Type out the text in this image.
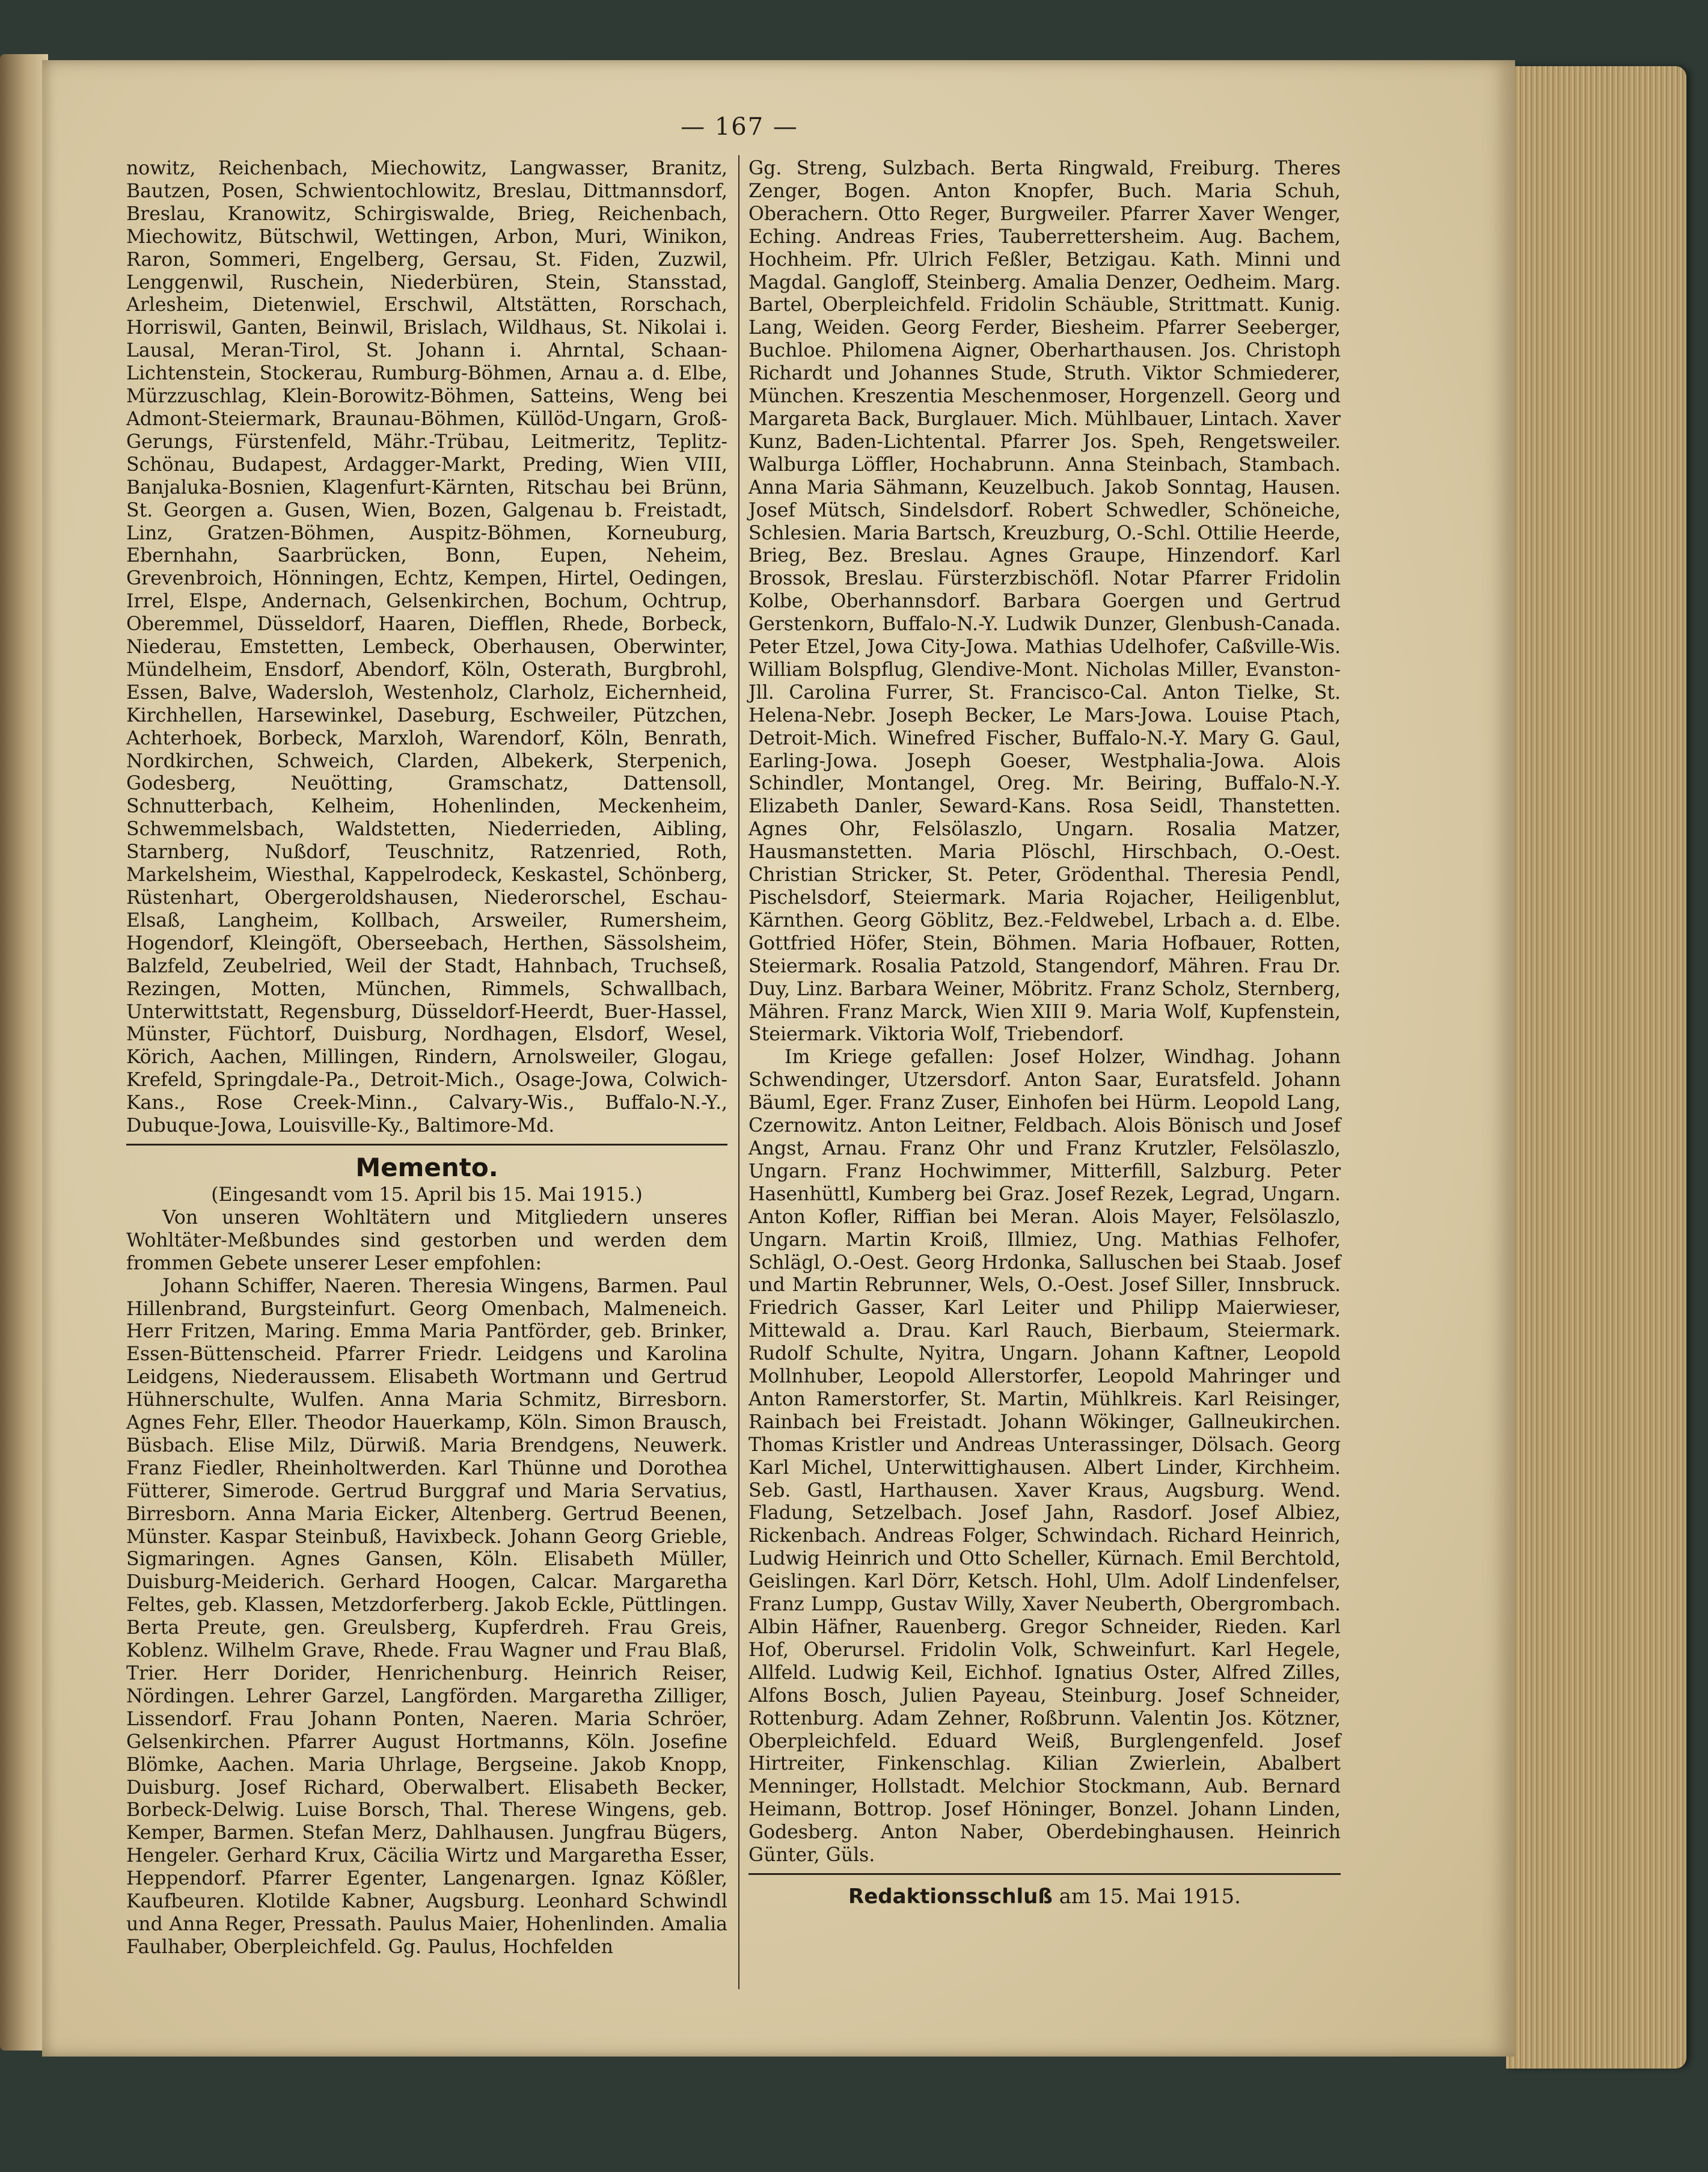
— 167 —

nowitz, Reichenbach, Miechowitz, Langwasser, Branitz, Bautzen, Posen, Schwientochlowitz, Breslau, Dittmannsdorf, Breslau, Kranowitz, Schirgiswalde, Brieg, Reichenbach, Miechowitz, Bütschwil, Wettingen, Arbon, Muri, Winikon, Raron, Sommeri, Engelberg, Gersau, St. Fiden, Zuzwil, Lenggenwil, Ruschein, Niederbüren, Stein, Stansstad, Arlesheim, Dietenwiel, Erschwil, Altstätten, Rorschach, Horriswil, Ganten, Beinwil, Brislach, Wildhaus, St. Nikolai i. Lausal, Meran-Tirol, St. Johann i. Ahrntal, Schaan-Lichtenstein, Stockerau, Rumburg-Böhmen, Arnau a. d. Elbe, Mürzzuschlag, Klein-Borowitz-Böhmen, Satteins, Weng bei Admont-Steiermark, Braunau-Böhmen, Küllöd-Ungarn, Groß-Gerungs, Fürstenfeld, Mähr.-Trübau, Leitmeritz, Teplitz-Schönau, Budapest, Ardagger-Markt, Preding, Wien VIII, Banjaluka-Bosnien, Klagenfurt-Kärnten, Ritschau bei Brünn, St. Georgen a. Gusen, Wien, Bozen, Galgenau b. Freistadt, Linz, Gratzen-Böhmen, Auspitz-Böhmen, Korneuburg, Ebernhahn, Saarbrücken, Bonn, Eupen, Neheim, Grevenbroich, Hönningen, Echtz, Kempen, Hirtel, Oedingen, Irrel, Elspe, Andernach, Gelsenkirchen, Bochum, Ochtrup, Oberemmel, Düsseldorf, Haaren, Diefflen, Rhede, Borbeck, Niederau, Emstetten, Lembeck, Oberhausen, Oberwinter, Mündelheim, Ensdorf, Abendorf, Köln, Osterath, Burgbrohl, Essen, Balve, Wadersloh, Westenholz, Clarholz, Eichernheid, Kirchhellen, Harsewinkel, Daseburg, Eschweiler, Pützchen, Achterhoek, Borbeck, Marxloh, Warendorf, Köln, Benrath, Nordkirchen, Schweich, Clarden, Albekerk, Sterpenich, Godesberg, Neuötting, Gramschatz, Dattensoll, Schnutterbach, Kelheim, Hohenlinden, Meckenheim, Schwemmelsbach, Waldstetten, Niederrieden, Aibling, Starnberg, Nußdorf, Teuschnitz, Ratzenried, Roth, Markelsheim, Wiesthal, Kappelrodeck, Keskastel, Schönberg, Rüstenhart, Obergeroldshausen, Niederorschel, Eschau-Elsaß, Langheim, Kollbach, Arsweiler, Rumersheim, Hogendorf, Kleingöft, Oberseebach, Herthen, Sässolsheim, Balzfeld, Zeubelried, Weil der Stadt, Hahnbach, Truchseß, Rezingen, Motten, München, Rimmels, Schwallbach, Unterwittstatt, Regensburg, Düsseldorf-Heerdt, Buer-Hassel, Münster, Füchtorf, Duisburg, Nordhagen, Elsdorf, Wesel, Körich, Aachen, Millingen, Rindern, Arnolsweiler, Glogau, Krefeld, Springdale-Pa., Detroit-Mich., Osage-Jowa, Colwich-Kans., Rose Creek-Minn., Calvary-Wis., Buffalo-N.-Y., Dubuque-Jowa, Louisville-Ky., Baltimore-Md.

Memento.

(Eingesandt vom 15. April bis 15. Mai 1915.)

Von unseren Wohltätern und Mitgliedern unseres Wohltäter-Meßbundes sind gestorben und werden dem frommen Gebete unserer Leser empfohlen:

Johann Schiffer, Naeren. Theresia Wingens, Barmen. Paul Hillenbrand, Burgsteinfurt. Georg Omenbach, Malmeneich. Herr Fritzen, Maring. Emma Maria Pantförder, geb. Brinker, Essen-Büttenscheid. Pfarrer Friedr. Leidgens und Karolina Leidgens, Niederaussem. Elisabeth Wortmann und Gertrud Hühnerschulte, Wulfen. Anna Maria Schmitz, Birresborn. Agnes Fehr, Eller. Theodor Hauerkamp, Köln. Simon Brausch, Büsbach. Elise Milz, Dürwiß. Maria Brendgens, Neuwerk. Franz Fiedler, Rheinholtwerden. Karl Thünne und Dorothea Fütterer, Simerode. Gertrud Burggraf und Maria Servatius, Birresborn. Anna Maria Eicker, Altenberg. Gertrud Beenen, Münster. Kaspar Steinbuß, Havixbeck. Johann Georg Grieble, Sigmaringen. Agnes Gansen, Köln. Elisabeth Müller, Duisburg-Meiderich. Gerhard Hoogen, Calcar. Margaretha Feltes, geb. Klassen, Metzdorferberg. Jakob Eckle, Püttlingen. Berta Preute, gen. Greulsberg, Kupferdreh. Frau Greis, Koblenz. Wilhelm Grave, Rhede. Frau Wagner und Frau Blaß, Trier. Herr Dorider, Henrichenburg. Heinrich Reiser, Nördingen. Lehrer Garzel, Langförden. Margaretha Zilliger, Lissendorf. Frau Johann Ponten, Naeren. Maria Schröer, Gelsenkirchen. Pfarrer August Hortmanns, Köln. Josefine Blömke, Aachen. Maria Uhrlage, Bergseine. Jakob Knopp, Duisburg. Josef Richard, Oberwalbert. Elisabeth Becker, Borbeck-Delwig. Luise Borsch, Thal. Therese Wingens, geb. Kemper, Barmen. Stefan Merz, Dahlhausen. Jungfrau Bügers, Hengeler. Gerhard Krux, Cäcilia Wirtz und Margaretha Esser, Heppendorf. Pfarrer Egenter, Langenargen. Ignaz Kößler, Kaufbeuren. Klotilde Kabner, Augsburg. Leonhard Schwindl und Anna Reger, Pressath. Paulus Maier, Hohenlinden. Amalia Faulhaber, Oberpleichfeld. Gg. Paulus, Hochfelden

Gg. Streng, Sulzbach. Berta Ringwald, Freiburg. Theres Zenger, Bogen. Anton Knopfer, Buch. Maria Schuh, Oberachern. Otto Reger, Burgweiler. Pfarrer Xaver Wenger, Eching. Andreas Fries, Tauberrettersheim. Aug. Bachem, Hochheim. Pfr. Ulrich Feßler, Betzigau. Kath. Minni und Magdal. Gangloff, Steinberg. Amalia Denzer, Oedheim. Marg. Bartel, Oberpleichfeld. Fridolin Schäuble, Strittmatt. Kunig. Lang, Weiden. Georg Ferder, Biesheim. Pfarrer Seeberger, Buchloe. Philomena Aigner, Oberharthausen. Jos. Christoph Richardt und Johannes Stude, Struth. Viktor Schmiederer, München. Kreszentia Meschenmoser, Horgenzell. Georg und Margareta Back, Burglauer. Mich. Mühlbauer, Lintach. Xaver Kunz, Baden-Lichtental. Pfarrer Jos. Speh, Rengetsweiler. Walburga Löffler, Hochabrunn. Anna Steinbach, Stambach. Anna Maria Sähmann, Keuzelbuch. Jakob Sonntag, Hausen. Josef Mütsch, Sindelsdorf. Robert Schwedler, Schöneiche, Schlesien. Maria Bartsch, Kreuzburg, O.-Schl. Ottilie Heerde, Brieg, Bez. Breslau. Agnes Graupe, Hinzendorf. Karl Brossok, Breslau. Fürsterzbischöfl. Notar Pfarrer Fridolin Kolbe, Oberhannsdorf. Barbara Goergen und Gertrud Gerstenkorn, Buffalo-N.-Y. Ludwik Dunzer, Glenbush-Canada. Peter Etzel, Jowa City-Jowa. Mathias Udelhofer, Caßville-Wis. William Bolspflug, Glendive-Mont. Nicholas Miller, Evanston-Jll. Carolina Furrer, St. Francisco-Cal. Anton Tielke, St. Helena-Nebr. Joseph Becker, Le Mars-Jowa. Louise Ptach, Detroit-Mich. Winefred Fischer, Buffalo-N.-Y. Mary G. Gaul, Earling-Jowa. Joseph Goeser, Westphalia-Jowa. Alois Schindler, Montangel, Oreg. Mr. Beiring, Buffalo-N.-Y. Elizabeth Danler, Seward-Kans. Rosa Seidl, Thanstetten. Agnes Ohr, Felsölaszlo, Ungarn. Rosalia Matzer, Hausmanstetten. Maria Plöschl, Hirschbach, O.-Oest. Christian Stricker, St. Peter, Grödenthal. Theresia Pendl, Pischelsdorf, Steiermark. Maria Rojacher, Heiligenblut, Kärnthen. Georg Göblitz, Bez.-Feldwebel, Lrbach a. d. Elbe. Gottfried Höfer, Stein, Böhmen. Maria Hofbauer, Rotten, Steiermark. Rosalia Patzold, Stangendorf, Mähren. Frau Dr. Duy, Linz. Barbara Weiner, Möbritz. Franz Scholz, Sternberg, Mähren. Franz Marck, Wien XIII 9. Maria Wolf, Kupfenstein, Steiermark. Viktoria Wolf, Triebendorf.

Im Kriege gefallen: Josef Holzer, Windhag. Johann Schwendinger, Utzersdorf. Anton Saar, Euratsfeld. Johann Bäuml, Eger. Franz Zuser, Einhofen bei Hürm. Leopold Lang, Czernowitz. Anton Leitner, Feldbach. Alois Bönisch und Josef Angst, Arnau. Franz Ohr und Franz Krutzler, Felsölaszlo, Ungarn. Franz Hochwimmer, Mitterfill, Salzburg. Peter Hasenhüttl, Kumberg bei Graz. Josef Rezek, Legrad, Ungarn. Anton Kofler, Riffian bei Meran. Alois Mayer, Felsölaszlo, Ungarn. Martin Kroiß, Illmiez, Ung. Mathias Felhofer, Schlägl, O.-Oest. Georg Hrdonka, Salluschen bei Staab. Josef und Martin Rebrunner, Wels, O.-Oest. Josef Siller, Innsbruck. Friedrich Gasser, Karl Leiter und Philipp Maierwieser, Mittewald a. Drau. Karl Rauch, Bierbaum, Steiermark. Rudolf Schulte, Nyitra, Ungarn. Johann Kaftner, Leopold Mollnhuber, Leopold Allerstorfer, Leopold Mahringer und Anton Ramerstorfer, St. Martin, Mühlkreis. Karl Reisinger, Rainbach bei Freistadt. Johann Wökinger, Gallneukirchen. Thomas Kristler und Andreas Unterassinger, Dölsach. Georg Karl Michel, Unterwittighausen. Albert Linder, Kirchheim. Seb. Gastl, Harthausen. Xaver Kraus, Augsburg. Wend. Fladung, Setzelbach. Josef Jahn, Rasdorf. Josef Albiez, Rickenbach. Andreas Folger, Schwindach. Richard Heinrich, Ludwig Heinrich und Otto Scheller, Kürnach. Emil Berchtold, Geislingen. Karl Dörr, Ketsch. Hohl, Ulm. Adolf Lindenfelser, Franz Lumpp, Gustav Willy, Xaver Neuberth, Obergrombach. Albin Häfner, Rauenberg. Gregor Schneider, Rieden. Karl Hof, Oberursel. Fridolin Volk, Schweinfurt. Karl Hegele, Allfeld. Ludwig Keil, Eichhof. Ignatius Oster, Alfred Zilles, Alfons Bosch, Julien Payeau, Steinburg. Josef Schneider, Rottenburg. Adam Zehner, Roßbrunn. Valentin Jos. Kötzner, Oberpleichfeld. Eduard Weiß, Burglengenfeld. Josef Hirtreiter, Finkenschlag. Kilian Zwierlein, Abalbert Menninger, Hollstadt. Melchior Stockmann, Aub. Bernard Heimann, Bottrop. Josef Höninger, Bonzel. Johann Linden, Godesberg. Anton Naber, Oberdebinghausen. Heinrich Günter, Güls.

Redaktionsschluß am 15. Mai 1915.
